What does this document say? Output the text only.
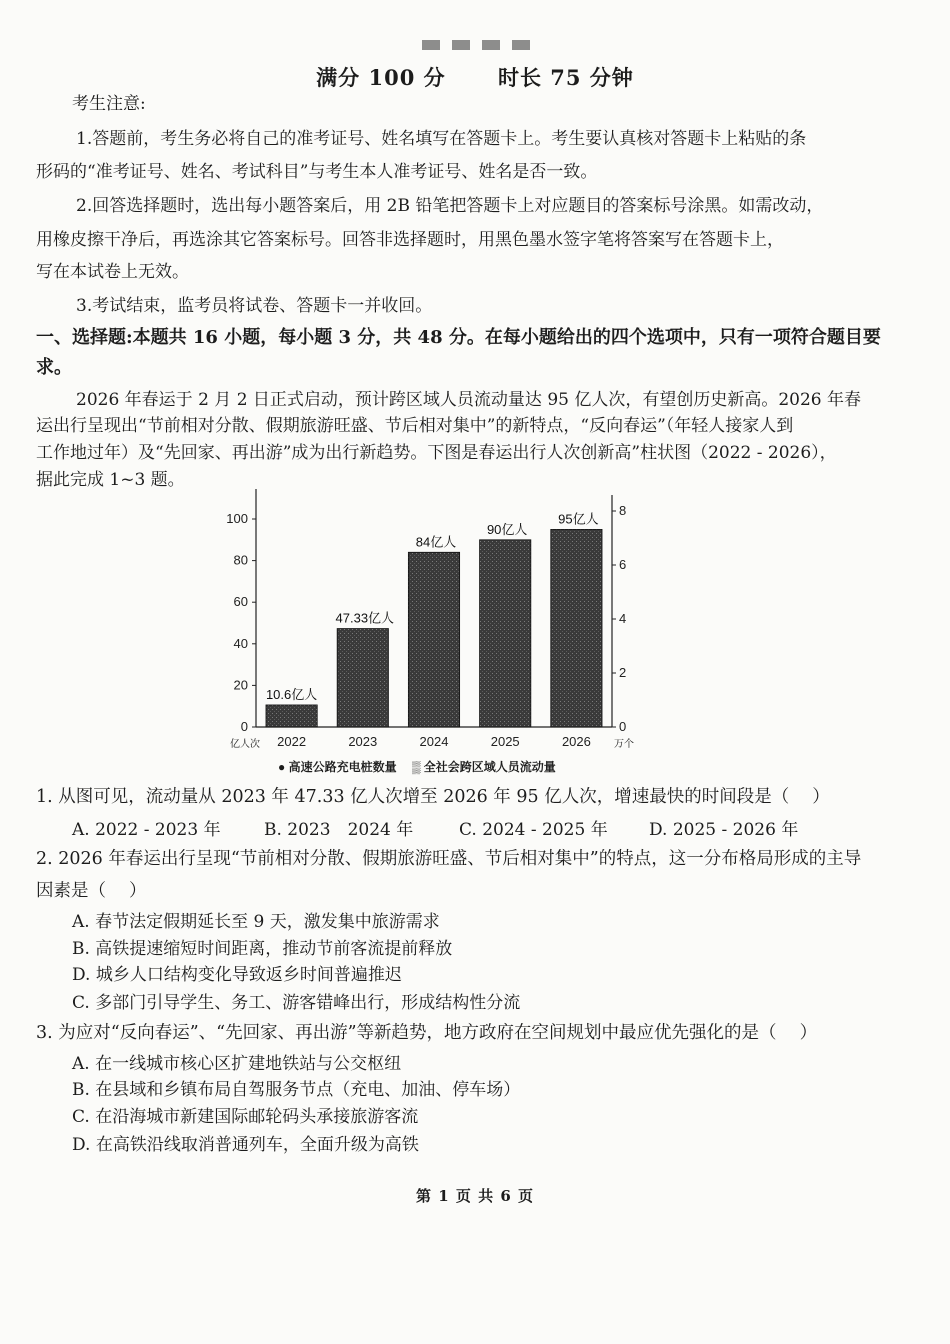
满分 100 分 时长 75 分钟
考生注意:
1.答题前，考生务必将自己的准考证号、姓名填写在答题卡上。考生要认真核对答题卡上粘贴的条
形码的“准考证号、姓名、考试科目”与考生本人准考证号、姓名是否一致。
2.回答选择题时，选出每小题答案后，用 2B 铅笔把答题卡上对应题目的答案标号涂黑。如需改动，
用橡皮擦干净后，再选涂其它答案标号。回答非选择题时，用黑色墨水签字笔将答案写在答题卡上，
写在本试卷上无效。
3.考试结束，监考员将试卷、答题卡一并收回。
一、选择题:本题共 16 小题，每小题 3 分，共 48 分。在每小题给出的四个选项中，只有一项符合题目要
求。
2026 年春运于 2 月 2 日正式启动，预计跨区域人员流动量达 95 亿人次，有望创历史新高。2026 年春
运出行呈现出“节前相对分散、假期旅游旺盛、节后相对集中”的新特点，“反向春运”（年轻人接家人到
工作地过年）及“先回家、再出游”成为出行新趋势。下图是春运出行人次创新高”柱状图（2022 - 2026），
据此完成 1~3 题。
0
20
40
60
80
100
0
2
4
6
8
10.6亿人
2022
47.33亿人
2023
84亿人
2024
90亿人
2025
95亿人
2026
亿人次	万个
● 高速公路充电桩数量 ▒ 全社会跨区域人员流动量
1. 从图可见，流动量从 2023 年 47.33 亿人次增至 2026 年 95 亿人次，增速最快的时间段是（　 ）
A. 2022 - 2023 年	B. 2023　2024 年	C. 2024 - 2025 年	D. 2025 - 2026 年
2. 2026 年春运出行呈现“节前相对分散、假期旅游旺盛、节后相对集中”的特点，这一分布格局形成的主导
因素是（　 ）
A. 春节法定假期延长至 9 天，激发集中旅游需求
B. 高铁提速缩短时间距离，推动节前客流提前释放
D. 城乡人口结构变化导致返乡时间普遍推迟
C. 多部门引导学生、务工、游客错峰出行，形成结构性分流
3. 为应对“反向春运”、“先回家、再出游”等新趋势，地方政府在空间规划中最应优先强化的是（　 ）
A. 在一线城市核心区扩建地铁站与公交枢纽
B. 在县域和乡镇布局自驾服务节点（充电、加油、停车场）
C. 在沿海城市新建国际邮轮码头承接旅游客流
D. 在高铁沿线取消普通列车，全面升级为高铁
第 1 页 共 6 页
